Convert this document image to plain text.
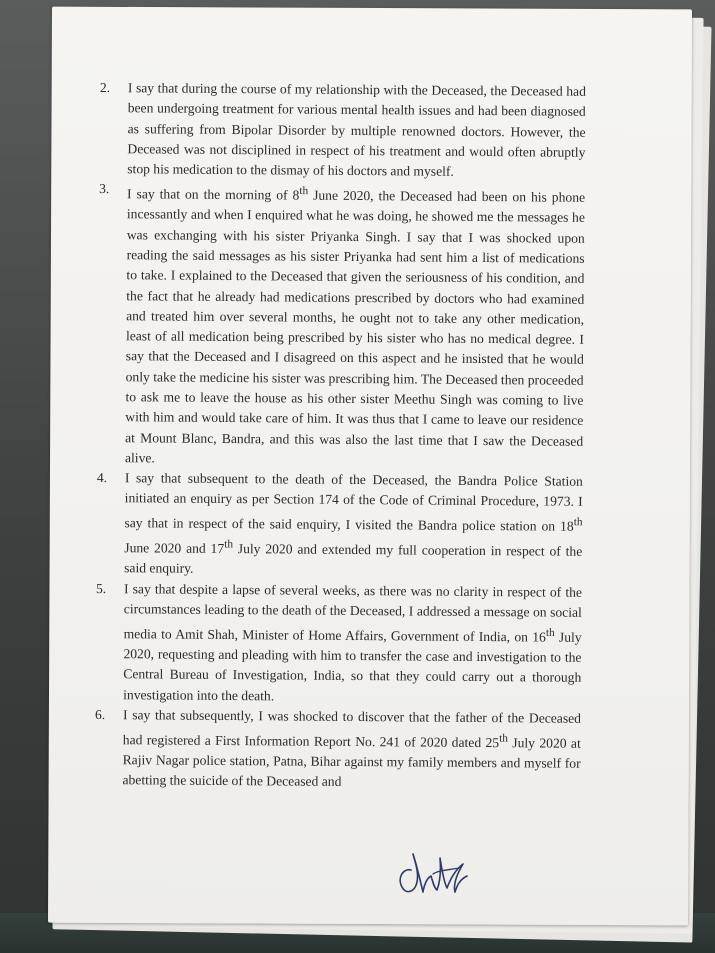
2. I say that during the course of my relationship with the Deceased, the Deceased had been undergoing treatment for various mental health issues and had been diagnosed as suffering from Bipolar Disorder by multiple renowned doctors. However, the Deceased was not disciplined in respect of his treatment and would often abruptly stop his medication to the dismay of his doctors and myself.
3. I say that on the morning of 8th June 2020, the Deceased had been on his phone incessantly and when I enquired what he was doing, he showed me the messages he was exchanging with his sister Priyanka Singh. I say that I was shocked upon reading the said messages as his sister Priyanka had sent him a list of medications to take. I explained to the Deceased that given the seriousness of his condition, and the fact that he already had medications prescribed by doctors who had examined and treated him over several months, he ought not to take any other medication, least of all medication being prescribed by his sister who has no medical degree. I say that the Deceased and I disagreed on this aspect and he insisted that he would only take the medicine his sister was prescribing him. The Deceased then proceeded to ask me to leave the house as his other sister Meethu Singh was coming to live with him and would take care of him. It was thus that I came to leave our residence at Mount Blanc, Bandra, and this was also the last time that I saw the Deceased alive.
4. I say that subsequent to the death of the Deceased, the Bandra Police Station initiated an enquiry as per Section 174 of the Code of Criminal Procedure, 1973. I say that in respect of the said enquiry, I visited the Bandra police station on 18th June 2020 and 17th July 2020 and extended my full cooperation in respect of the said enquiry.
5. I say that despite a lapse of several weeks, as there was no clarity in respect of the circumstances leading to the death of the Deceased, I addressed a message on social media to Amit Shah, Minister of Home Affairs, Government of India, on 16th July 2020, requesting and pleading with him to transfer the case and investigation to the Central Bureau of Investigation, India, so that they could carry out a thorough investigation into the death.
6. I say that subsequently, I was shocked to discover that the father of the Deceased had registered a First Information Report No. 241 of 2020 dated 25th July 2020 at Rajiv Nagar police station, Patna, Bihar against my family members and myself for abetting the suicide of the Deceased and
